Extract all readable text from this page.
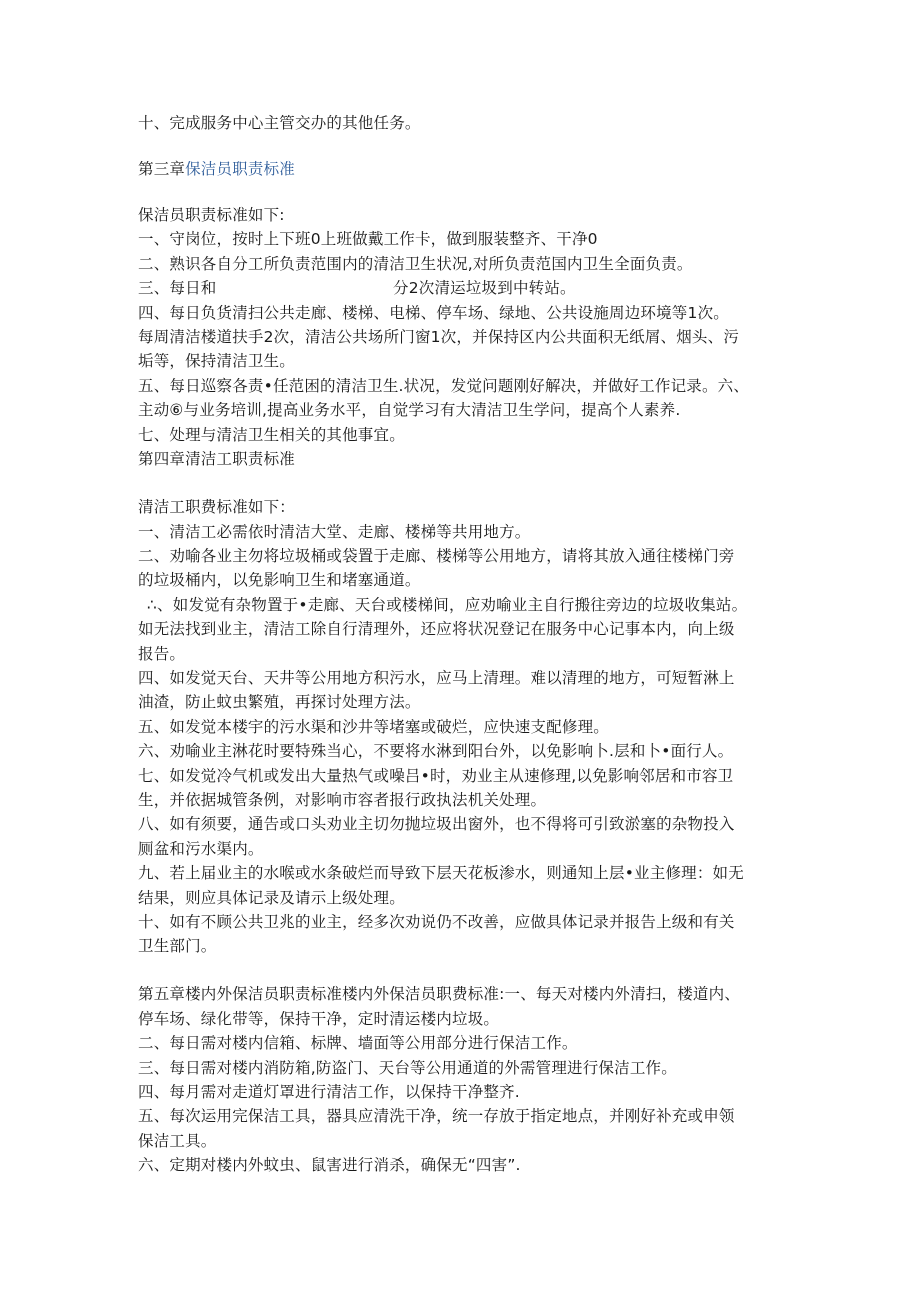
十、完成服务中心主管交办的其他任务。
第三章保洁员职责标准
保洁员职责标准如下:
一、守岗位，按时上下班0上班做戴工作卡，做到服装整齐、干净0
二、熟识各自分工所负责范围内的清洁卫生状况,对所负责范国内卫生全面负责。
三、每日和	分2次清运垃圾到中转站。
四、每日负货清扫公共走廊、楼梯、电梯、停车场、绿地、公共设施周边环境等1次。
每周清洁楼道扶手2次，清洁公共场所门窗1次，并保持区内公共面积无纸屑、烟头、污
垢等，保持清洁卫生。
五、每日巡察各责•任范困的清洁卫生.状况，发觉问题刚好解决，并做好工作记录。六、
主动⑥与业务培训,提高业务水平，自觉学习有大清洁卫生学问，提高个人素养.
七、处理与清洁卫生相关的其他事宜。
第四章清洁工职责标准
清洁工职费标准如下：
一、清洁工必需依时清洁大堂、走廊、楼梯等共用地方。
二、劝喻各业主勿将垃圾桶或袋置于走廊、楼梯等公用地方，请将其放入通往楼梯门旁
的垃圾桶内，以免影响卫生和堵塞通道。
∴、如发觉有杂物置于•走廊、天台或楼梯间，应劝喻业主自行搬往旁边的垃圾收集站。
如无法找到业主，清洁工除自行清理外，还应将状况登记在服务中心记事本内，向上级
报告。
四、如发觉天台、天井等公用地方积污水，应马上清理。难以清理的地方，可短暂淋上
油渣，防止蚊虫繁殖，再探讨处理方法。
五、如发觉本楼宇的污水渠和沙井等堵塞或破烂，应快速支配修理。
六、劝喻业主淋花时要特殊当心，不要将水淋到阳台外，以免影响卜.层和卜•面行人。
七、如发觉冷气机或发出大量热气或噪吕•时，劝业主从速修理,以免影响邻居和市容卫
生，并依据城管条例，对影响市容者报行政执法机关处理。
八、如有须要，通告或口头劝业主切勿抛垃圾出窗外，也不得将可引致淤塞的杂物投入
厕盆和污水渠内。
九、若上届业主的水喉或水条破烂而导致下层天花板渗水，则通知上层•业主修理：如无
结果，则应具体记录及请示上级处理。
十、如有不顾公共卫兆的业主，经多次劝说仍不改善，应做具体记录并报告上级和有关
卫生部门。
第五章楼内外保洁员职责标准楼内外保洁员职费标准:一、每天对楼内外清扫，楼道内、
停车场、绿化带等，保持干净，定时清运楼内垃圾。
二、每日需对楼内信箱、标牌、墙面等公用部分进行保洁工作。
三、每日需对楼内消防箱,防盗门、天台等公用通道的外需管理进行保洁工作。
四、每月需对走道灯罩进行清洁工作，以保持干净整齐.
五、每次运用完保洁工具，器具应清洗干净，统一存放于指定地点，并刚好补充或申领
保洁工具。
六、定期对楼内外蚊虫、鼠害进行消杀，确保无“四害”.
